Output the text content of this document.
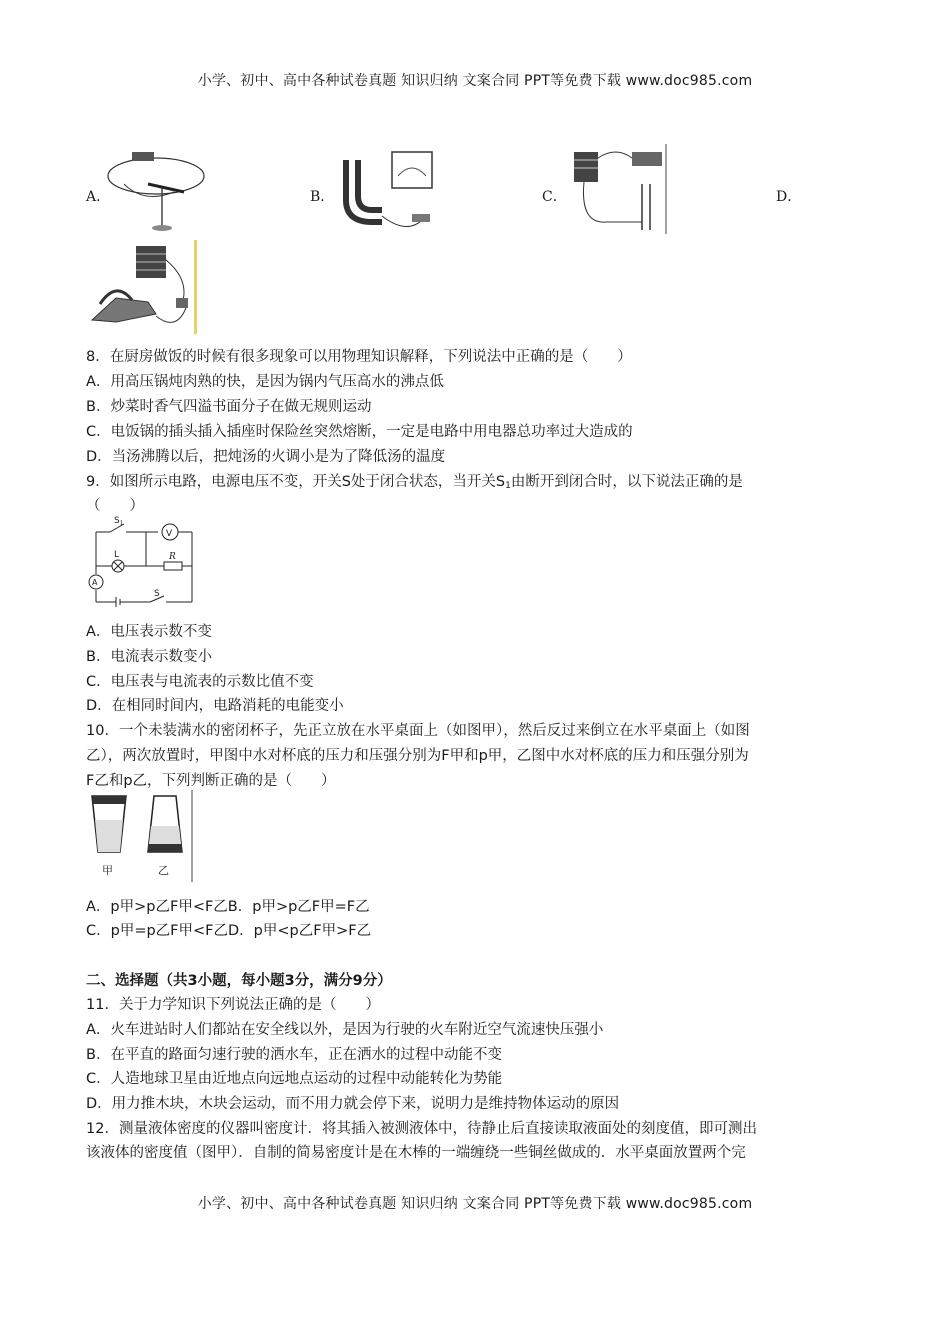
小学、初中、高中各种试卷真题 知识归纳 文案合同 PPT等免费下载 www.doc985.com
A．	B．	C．	D．
8．在厨房做饭的时候有很多现象可以用物理知识解释，下列说法中正确的是（　　）
A．用高压锅炖肉熟的快，是因为锅内气压高水的沸点低
B．炒菜时香气四溢书面分子在做无规则运动
C．电饭锅的插头插入插座时保险丝突然熔断，一定是电路中用电器总功率过大造成的
D．当汤沸腾以后，把炖汤的火调小是为了降低汤的温度
9．如图所示电路，电源电压不变，开关S处于闭合状态，当开关$S_1$由断开到闭合时，以下说法正确的是
（　　）
$S_1$
V
L	R
A
S
A．电压表示数不变
B．电流表示数变小
C．电压表与电流表的示数比值不变
D．在相同时间内，电路消耗的电能变小
10．一个未装满水的密闭杯子，先正立放在水平桌面上（如图甲），然后反过来倒立在水平桌面上（如图
乙），两次放置时，甲图中水对杯底的压力和压强分别为F甲和p甲，乙图中水对杯底的压力和压强分别为
F乙和p乙，下列判断正确的是（　　）
甲	乙
A．p甲>p乙F甲<F乙B．p甲>p乙F甲=F乙
C．p甲=p乙F甲<F乙D．p甲<p乙F甲>F乙
二、选择题（共3小题，每小题3分，满分9分）
11．关于力学知识下列说法正确的是（　　）
A．火车进站时人们都站在安全线以外，是因为行驶的火车附近空气流速快压强小
B．在平直的路面匀速行驶的洒水车，正在洒水的过程中动能不变
C．人造地球卫星由近地点向远地点运动的过程中动能转化为势能
D．用力推木块，木块会运动，而不用力就会停下来，说明力是维持物体运动的原因
12．测量液体密度的仪器叫密度计．将其插入被测液体中，待静止后直接读取液面处的刻度值，即可测出
该液体的密度值（图甲）．自制的简易密度计是在木棒的一端缠绕一些铜丝做成的．水平桌面放置两个完
小学、初中、高中各种试卷真题 知识归纳 文案合同 PPT等免费下载 www.doc985.com
